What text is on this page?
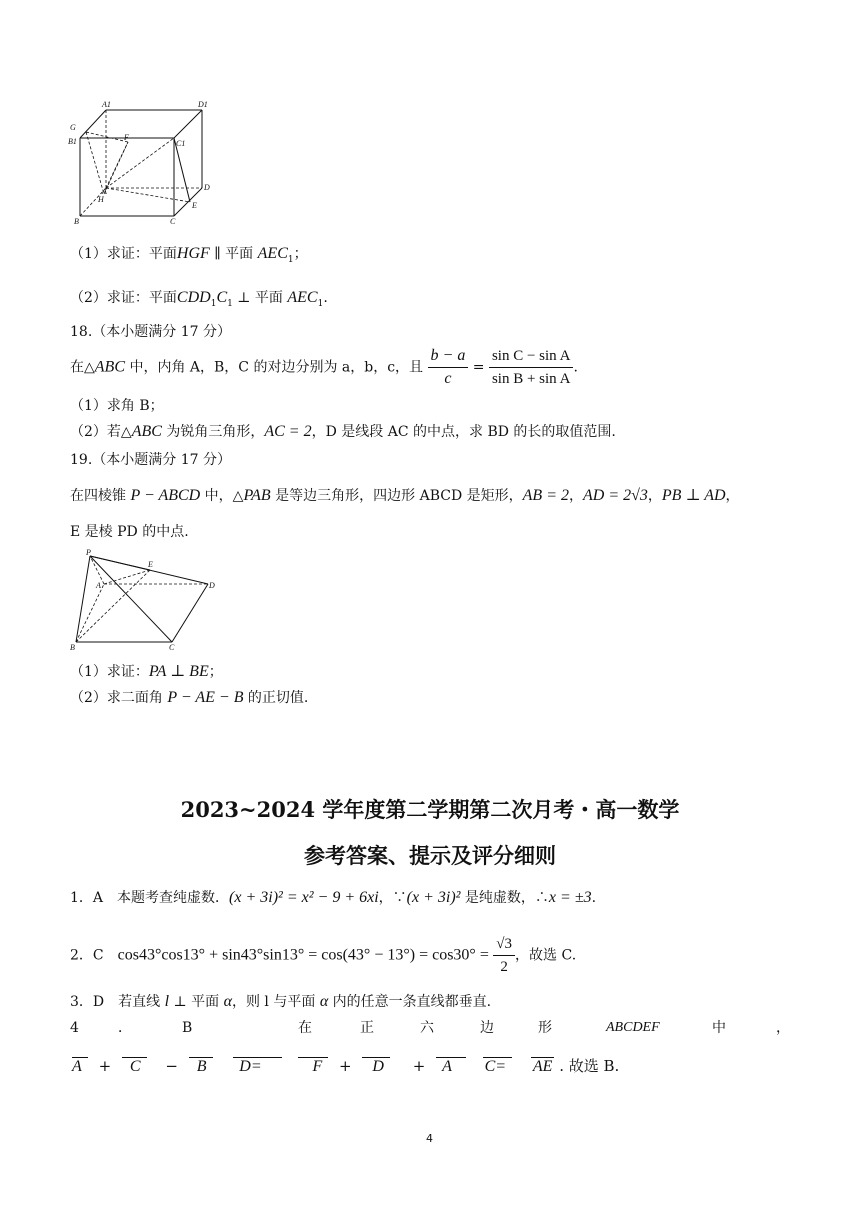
A1	D1
G
B1	F
C1
A	D
H
E
B	C
（1）求证：平面HGF ∥ 平面 $AEC_1$；
（2）求证：平面$CDD_1C_1$ ⊥ 平面 $AEC_1$.
18.（本小题满分 17 分）
在△ABC 中，内角 A，B，C 的对边分别为 a，b，c，且 $\frac{b - a}{c} = \frac{\text{sin C − sin A}}{\text{sin B + sin A}}$ .
（1）求角 B；
（2）若△ABC 为锐角三角形，AC = 2，D 是线段 AC 的中点，求 BD 的长的取值范围.
19.（本小题满分 17 分）
在四棱锥 P − ABCD 中，△PAB 是等边三角形，四边形 ABCD 是矩形，AB = 2，AD = 2√3，PB ⊥ AD，
E 是棱 PD 的中点.
P
E
A	D
B	C
（1）求证：PA ⊥ BE；
（2）求二面角 P − AE − B 的正切值.
2023~2024 学年度第二学期第二次月考・高一数学
参考答案、提示及评分细则
1．A　本题考查纯虚数．(x + 3i)² = x² − 9 + 6xi，∵(x + 3i)² 是纯虚数，∴x = ±3.
2．C　$\cos 43^\circ\cos 13^\circ + \sin 43^\circ\sin 13^\circ = \cos(43^\circ - 13^\circ) = \cos 30^\circ = \frac{√3}{2}$ ，故选 C.
3．D　若直线 l ⊥ 平面 α，则 l 与平面 α 内的任意一条直线都垂直.
4	．	B	在	正	六	边	形	ABCDEF	中	，
A + C − B D=	F + D + A C= AE . 故选 B.
4
